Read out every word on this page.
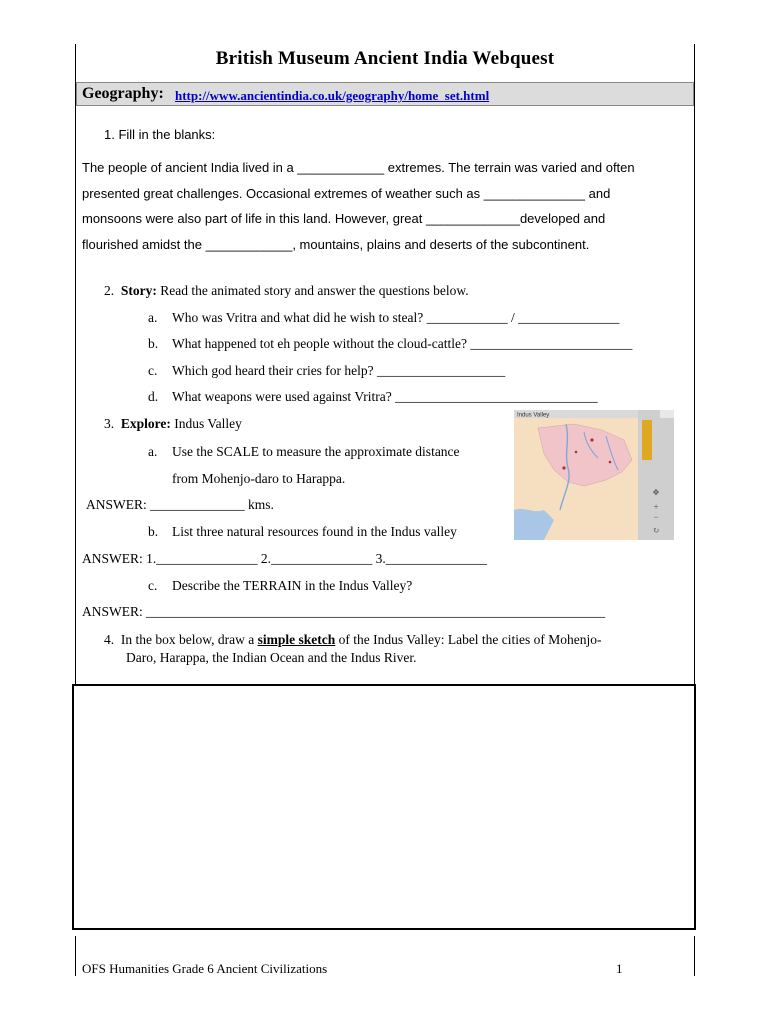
British Museum Ancient India Webquest
Geography: http://www.ancientindia.co.uk/geography/home_set.html
1. Fill in the blanks:
The people of ancient India lived in a ____________ extremes. The terrain was varied and often
presented great challenges. Occasional extremes of weather such as ______________ and
monsoons were also part of life in this land. However, great _____________developed and
flourished amidst the ____________, mountains, plains and deserts of the subcontinent.
2. Story: Read the animated story and answer the questions below.
a. Who was Vritra and what did he wish to steal? ____________ / _______________
b. What happened tot eh people without the cloud-cattle? ________________________
c. Which god heard their cries for help? ___________________
d. What weapons were used against Vritra? ______________________________
3. Explore: Indus Valley
a. Use the SCALE to measure the approximate distance
from Mohenjo-daro to Harappa.
ANSWER: ______________ kms.
b. List three natural resources found in the Indus valley
ANSWER: 1._______________ 2._______________ 3._______________
c. Describe the TERRAIN in the Indus Valley?
ANSWER: ____________________________________________________________________
Indus Valley
✥
+
−
↻
4. In the box below, draw a simple sketch of the Indus Valley: Label the cities of Mohenjo-
Daro, Harappa, the Indian Ocean and the Indus River.
OFS Humanities Grade 6 Ancient Civilizations	1
